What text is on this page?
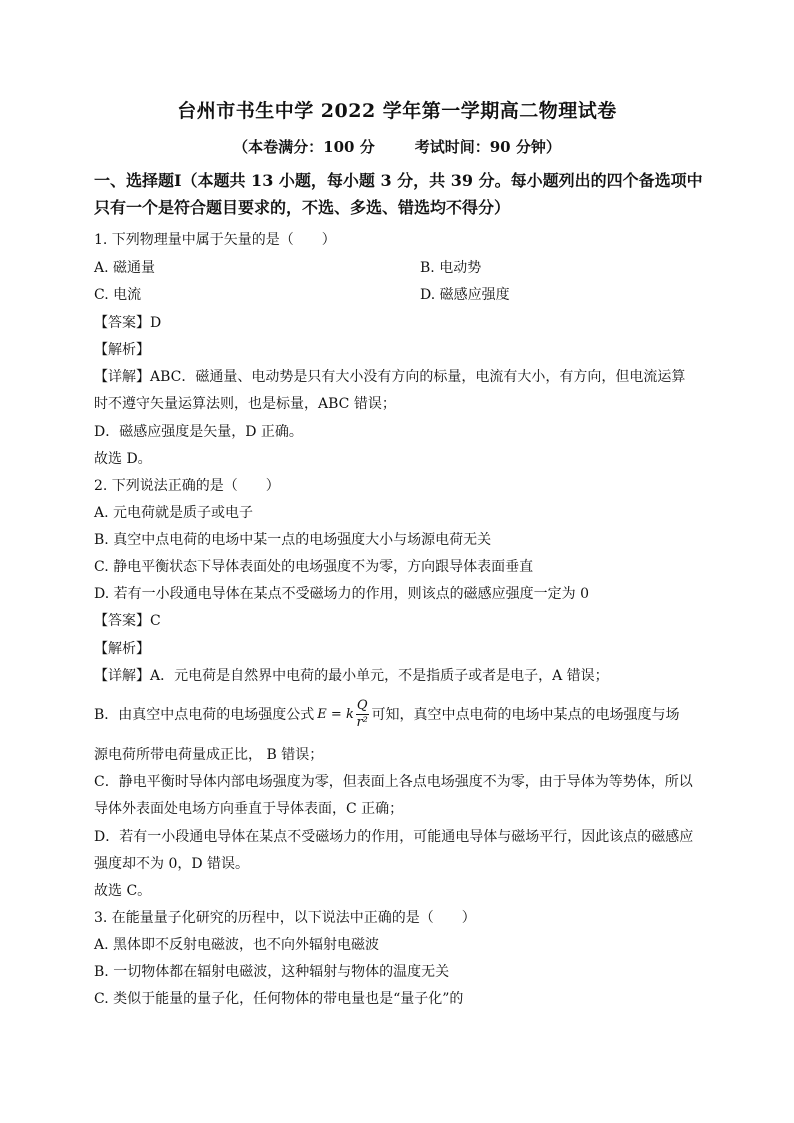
台州市书生中学 2022 学年第一学期高二物理试卷
（本卷满分：100 分	考试时间：90 分钟）
一、选择题Ⅰ（本题共 13 小题，每小题 3 分，共 39 分。每小题列出的四个备选项中
只有一个是符合题目要求的，不选、多选、错选均不得分）
1. 下列物理量中属于矢量的是（　　）
A. 磁通量	B. 电动势
C. 电流	D. 磁感应强度
【答案】D
【解析】
【详解】ABC．磁通量、电动势是只有大小没有方向的标量，电流有大小，有方向，但电流运算
时不遵守矢量运算法则，也是标量，ABC 错误；
D．磁感应强度是矢量，D 正确。
故选 D。
2. 下列说法正确的是（　　）
A. 元电荷就是质子或电子
B. 真空中点电荷的电场中某一点的电场强度大小与场源电荷无关
C. 静电平衡状态下导体表面处的电场强度不为零，方向跟导体表面垂直
D. 若有一小段通电导体在某点不受磁场力的作用，则该点的磁感应强度一定为 0
【答案】C
【解析】
【详解】A．元电荷是自然界中电荷的最小单元，不是指质子或者是电子，A 错误；
B．由真空中点电荷的电场强度公式 E = k $\frac{Q}{\text{r²}}$ 可知，真空中点电荷的电场中某点的电场强度与场
源电荷所带电荷量成正比， B 错误；
C．静电平衡时导体内部电场强度为零，但表面上各点电场强度不为零，由于导体为等势体，所以
导体外表面处电场方向垂直于导体表面，C 正确；
D．若有一小段通电导体在某点不受磁场力的作用，可能通电导体与磁场平行，因此该点的磁感应
强度却不为 0，D 错误。
故选 C。
3. 在能量量子化研究的历程中，以下说法中正确的是（　　）
A. 黑体即不反射电磁波，也不向外辐射电磁波
B. 一切物体都在辐射电磁波，这种辐射与物体的温度无关
C. 类似于能量的量子化，任何物体的带电量也是“量子化”的
